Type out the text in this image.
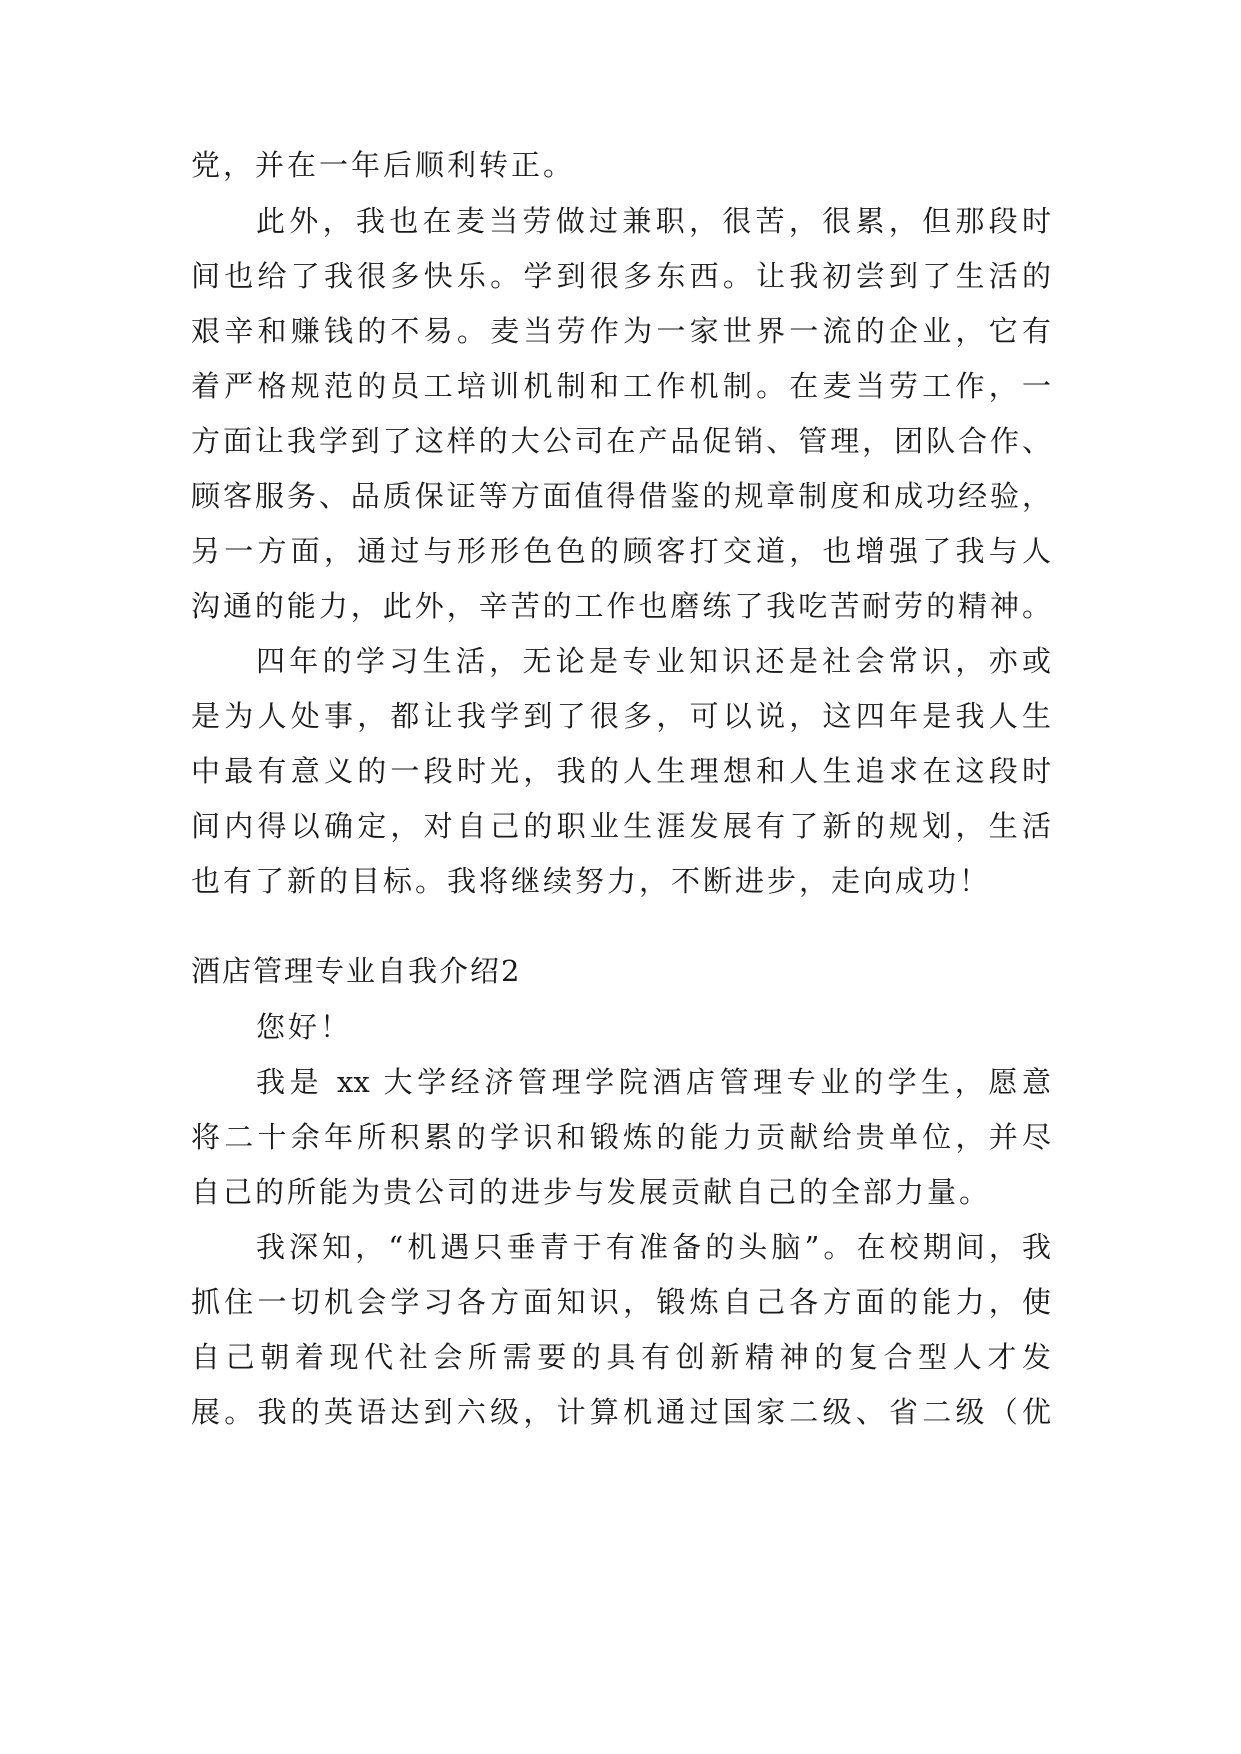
党，并在一年后顺利转正。
此外，我也在麦当劳做过兼职，很苦，很累，但那段时
间也给了我很多快乐。学到很多东西。让我初尝到了生活的
艰辛和赚钱的不易。麦当劳作为一家世界一流的企业，它有
着严格规范的员工培训机制和工作机制。在麦当劳工作，一
方面让我学到了这样的大公司在产品促销、管理，团队合作、
顾客服务、品质保证等方面值得借鉴的规章制度和成功经验，
另一方面，通过与形形色色的顾客打交道，也增强了我与人
沟通的能力，此外，辛苦的工作也磨练了我吃苦耐劳的精神。
四年的学习生活，无论是专业知识还是社会常识，亦或
是为人处事，都让我学到了很多，可以说，这四年是我人生
中最有意义的一段时光，我的人生理想和人生追求在这段时
间内得以确定，对自己的职业生涯发展有了新的规划，生活
也有了新的目标。我将继续努力，不断进步，走向成功！
酒店管理专业自我介绍2
您好！
我是 xx 大学经济管理学院酒店管理专业的学生，愿意
将二十余年所积累的学识和锻炼的能力贡献给贵单位，并尽
自己的所能为贵公司的进步与发展贡献自己的全部力量。
我深知，“机遇只垂青于有准备的头脑”。在校期间，我
抓住一切机会学习各方面知识，锻炼自己各方面的能力，使
自己朝着现代社会所需要的具有创新精神的复合型人才发
展。我的英语达到六级，计算机通过国家二级、省二级（优
